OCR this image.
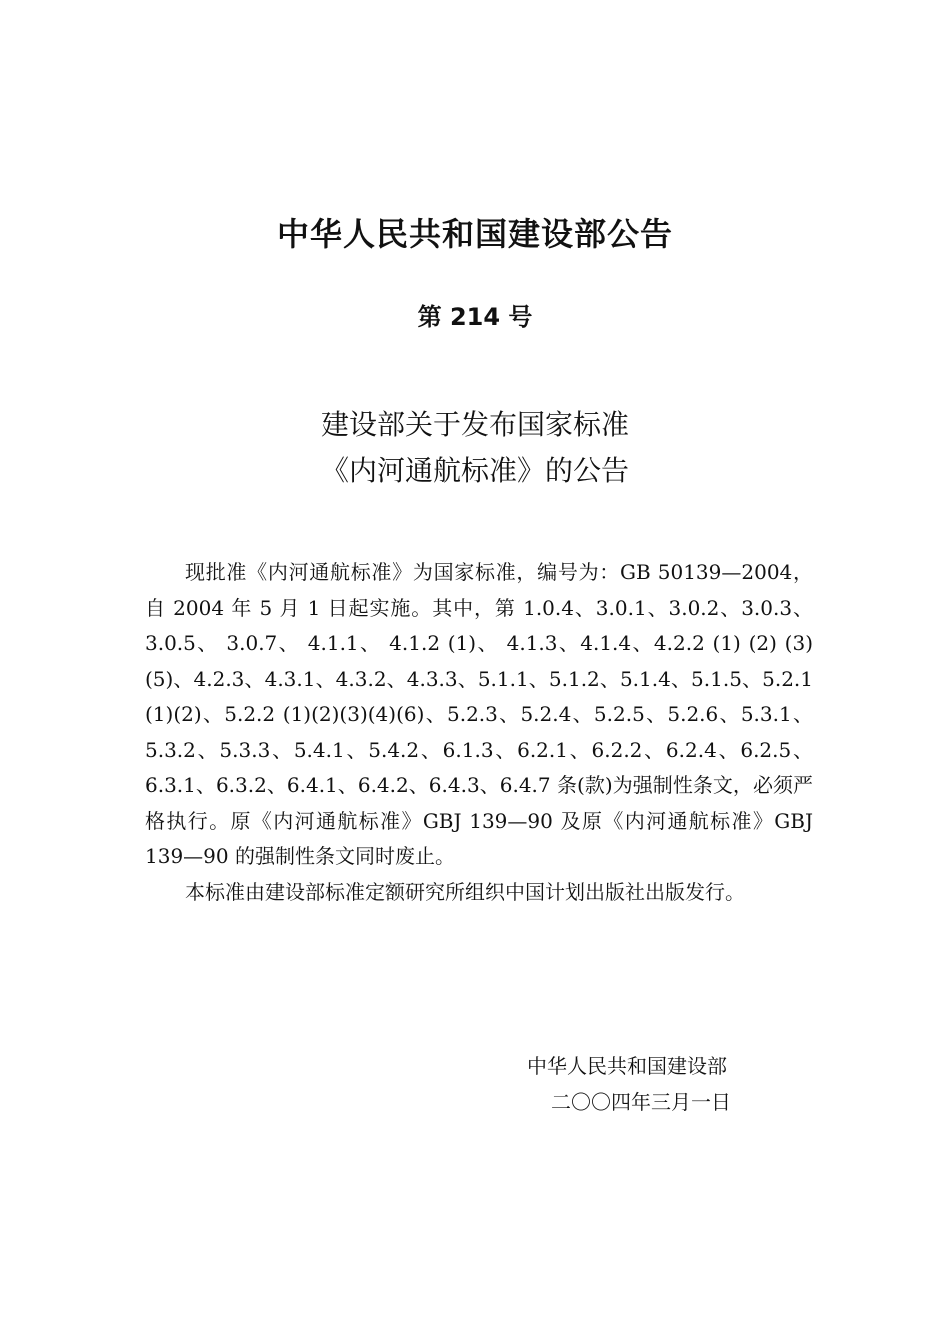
中华人民共和国建设部公告
第 214 号
建设部关于发布国家标准
《内河通航标准》的公告

现批准《内河通航标准》为国家标准，编号为：GB 50139—2004，自 2004 年 5 月 1 日起实施。其中，第 1.0.4、3.0.1、3.0.2、3.0.3、 3.0.5、 3.0.7、 4.1.1、 4.1.2 (1)、 4.1.3、4.1.4、4.2.2 (1) (2) (3) (5)、4.2.3、4.3.1、4.3.2、4.3.3、5.1.1、5.1.2、5.1.4、5.1.5、5.2.1 (1)(2)、5.2.2 (1)(2)(3)(4)(6)、5.2.3、5.2.4、5.2.5、5.2.6、5.3.1、5.3.2、5.3.3、5.4.1、5.4.2、6.1.3、6.2.1、6.2.2、6.2.4、6.2.5、6.3.1、6.3.2、6.4.1、6.4.2、6.4.3、6.4.7 条(款)为强制性条文，必须严格执行。原《内河通航标准》GBJ 139—90 及原《内河通航标准》GBJ 139—90 的强制性条文同时废止。

本标准由建设部标准定额研究所组织中国计划出版社出版发行。

中华人民共和国建设部
二〇〇四年三月一日
